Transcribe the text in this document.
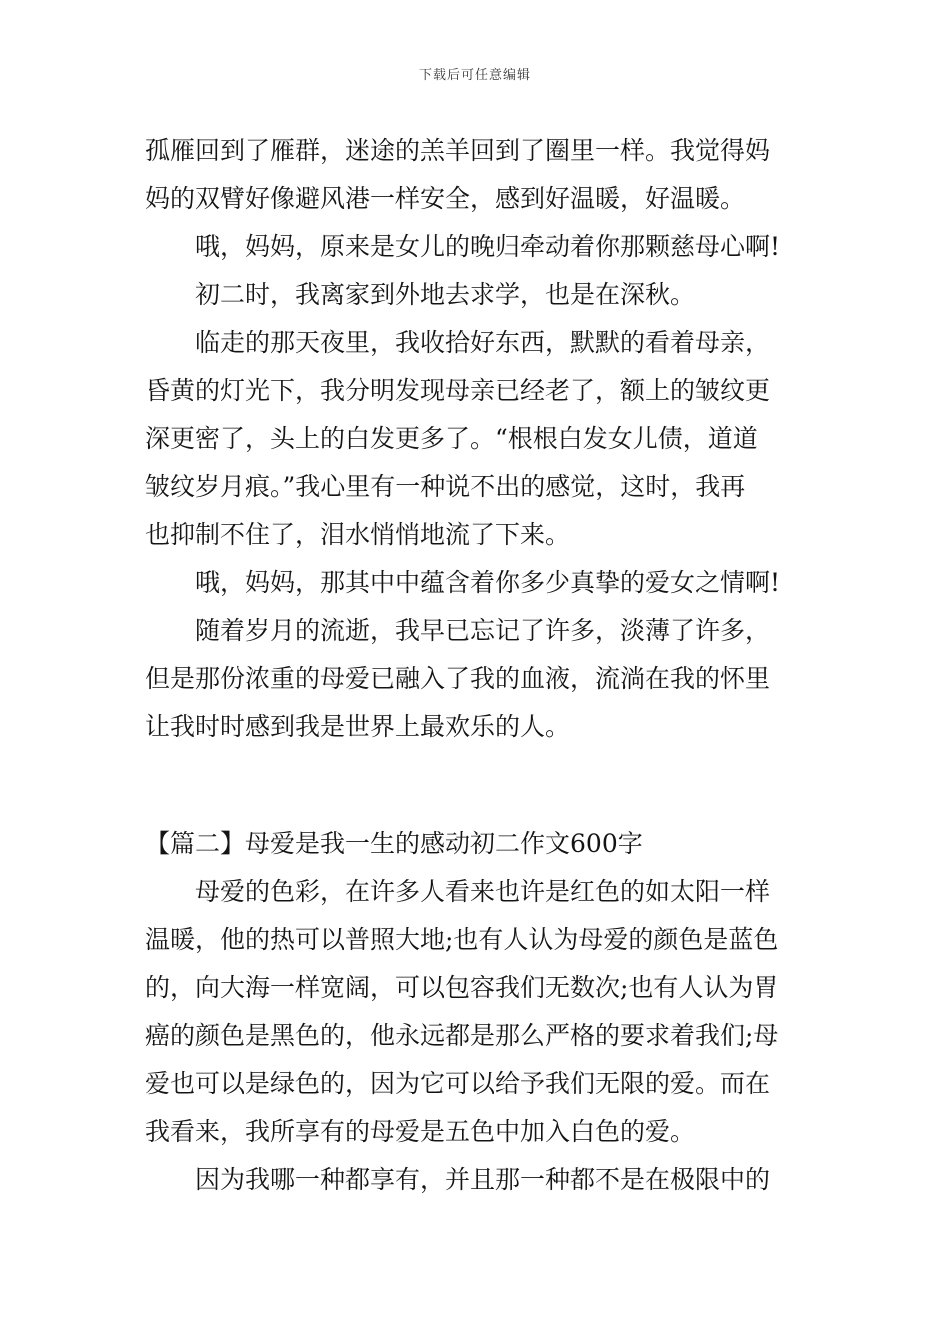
下载后可任意编辑
孤雁回到了雁群，迷途的羔羊回到了圈里一样。我觉得妈
妈的双臂好像避风港一样安全，感到好温暖，好温暖。
哦，妈妈，原来是女儿的晚归牵动着你那颗慈母心啊!
初二时，我离家到外地去求学，也是在深秋。
临走的那天夜里，我收拾好东西，默默的看着母亲，
昏黄的灯光下，我分明发现母亲已经老了，额上的皱纹更
深更密了，头上的白发更多了。“根根白发女儿债，道道
皱纹岁月痕。”我心里有一种说不出的感觉，这时，我再
也抑制不住了，泪水悄悄地流了下来。
哦，妈妈，那其中中蕴含着你多少真挚的爱女之情啊!
随着岁月的流逝，我早已忘记了许多，淡薄了许多，
但是那份浓重的母爱已融入了我的血液，流淌在我的怀里
让我时时感到我是世界上最欢乐的人。
【篇二】母爱是我一生的感动初二作文600字
母爱的色彩，在许多人看来也许是红色的如太阳一样
温暖，他的热可以普照大地;也有人认为母爱的颜色是蓝色
的，向大海一样宽阔，可以包容我们无数次;也有人认为胃
癌的颜色是黑色的，他永远都是那么严格的要求着我们;母
爱也可以是绿色的，因为它可以给予我们无限的爱。而在
我看来，我所享有的母爱是五色中加入白色的爱。
因为我哪一种都享有，并且那一种都不是在极限中的
